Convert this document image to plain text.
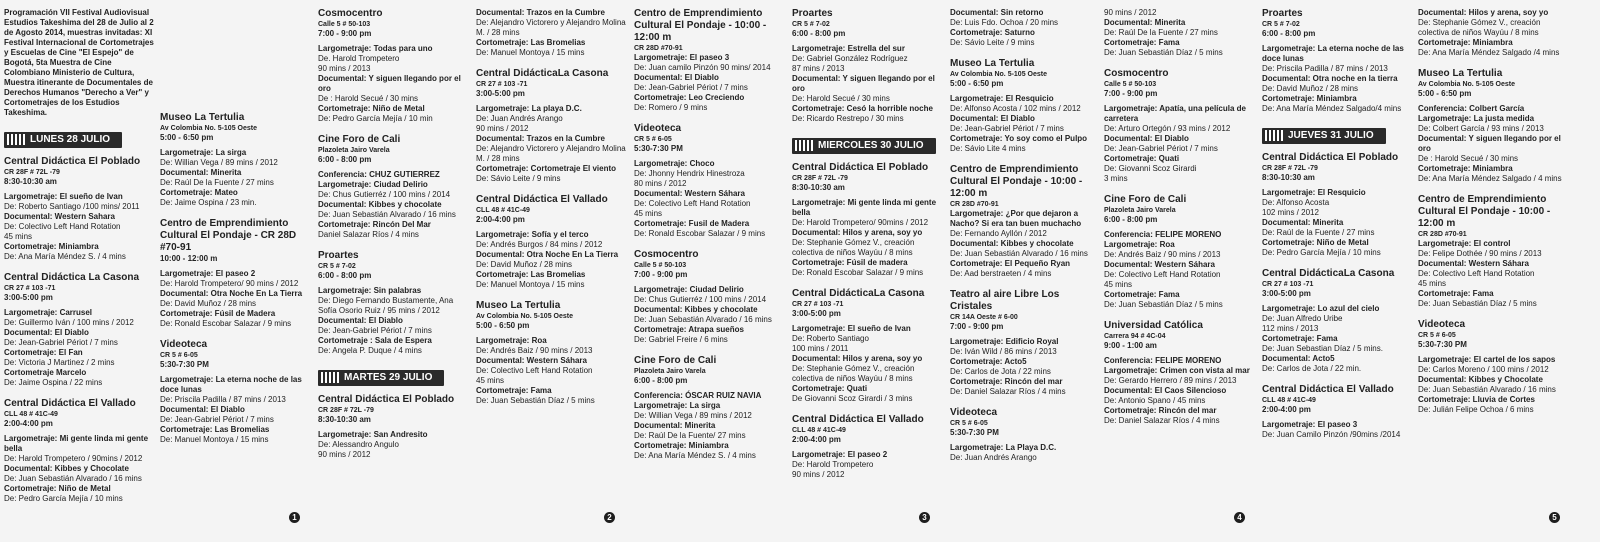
Programación VII Festival Audiovisual Estudios Takeshima del 28 de Julio al 2 de Agosto 2014, muestras invitadas: XI Festival Internacional de Cortometrajes y Escuelas de Cine "El Espejo" de Bogotá, 5ta Muestra de Cine Colombiano Ministerio de Cultura, Muestra itinerante de Documentales de Derechos Humanos "Derecho a Ver" y Cortometrajes de los Estudios Takeshima.
LUNES 28 JULIO

Central Didáctica El Poblado
CR 28F # 72L -79
8:30-10:30 am
Largometraje: El sueño de Ivan
De: Roberto Santiago /100 mins/ 2011
Documental: Western Sahara
De: Colectivo Left Hand Rotation
45 mins
Cortometraje: Miniambra
De: Ana María Méndez S. / 4 mins
Central Didáctica La Casona
CR 27 # 103 -71
3:00-5:00 pm
Largometraje: Carrusel
De: Guillermo Iván / 100 mins / 2012
Documental: El Diablo
De: Jean-Gabriel Périot / 7 mins
Cortometraje: El Fan
De: Victoria J Martinez / 2 mins
Cortometraje Marcelo
De: Jaime Ospina / 22 mins
Central Didáctica El Vallado
CLL 48 # 41C-49
2:00-4:00 pm
Largometraje: Mi gente linda mi gente bella
De: Harold Trompetero / 90mins / 2012
Documental: Kibbes y Chocolate
De: Juan Sebastián Alvarado / 16 mins
Cortometraje: Niño de Metal
De: Pedro García Mejía / 10 mins
Museo La Tertulia
Av Colombia No. 5-105 Oeste
5:00 - 6:50 pm
Largometraje: La sirga
De: Willian Vega / 89 mins / 2012
Documental: Minerita
De: Raúl De la Fuente / 27 mins
Cortometraje: Mateo
De: Jaime Ospina / 23 min.
Centro de Emprendimiento Cultural El Pondaje - CR 28D #70-91
10:00 - 12:00 m
Largometraje: El paseo 2
De: Harold Trompetero/ 90 mins / 2012
Documental: Otra Noche En La Tierra
De: David Muñoz / 28 mins
Cortometraje: Fúsil de Madera
De: Ronald Escobar Salazar / 9 mins
Videoteca
CR 5 # 6-05
5:30-7:30 PM
Largometraje: La eterna noche de las doce lunas
De: Priscila Padilla / 87 mins / 2013
Documental: El Diablo
De: Jean-Gabriel Périot / 7 mins
Cortometraje: Las Bromelias
De: Manuel Montoya / 15 mins
Cosmocentro
Calle 5 # 50-103
7:00 - 9:00 pm
Largometraje: Todas para uno
De. Harold Trompetero
90 mins / 2013
Documental: Y siguen llegando por el oro
De : Harold Secué / 30 mins
Cortometraje: Niño de Metal
De: Pedro García Mejía / 10 min
Cine Foro de Cali
Plazoleta Jairo Varela
6:00 - 8:00 pm
Conferencia: CHUZ GUTIERREZ
Largometraje: Ciudad Delirio
De: Chus Gutierréz / 100 mins / 2014
Documental: Kibbes y chocolate
De: Juan Sebastián Alvarado / 16 mins
Cortometraje: Rincón Del Mar
Daniel Salazar Ríos / 4 mins
Proartes
CR 5 # 7-02
6:00 - 8:00 pm
Largometraje: Sin palabras
De: Diego Fernando Bustamente, Ana Sofía Osorio Ruiz / 95 mins / 2012
Documental: El Diablo
De: Jean-Gabriel Périot / 7 mins
Cortometraje : Sala de Espera
De: Angela P. Duque / 4 mins
MARTES 29 JULIO

Central Didáctica El Poblado
CR 28F # 72L -79
8:30-10:30 am
Largometraje: San Andresito
De: Alessandro Angulo
90 mins / 2012
Documental: Trazos en la Cumbre
De: Alejandro Victorero y Alejandro Molina M. / 28 mins
Cortometraje: Las Bromelias
De: Manuel Montoya / 15 mins
Central DidácticaLa Casona
CR 27 # 103 -71
3:00-5:00 pm
Largometraje: La playa D.C.
De: Juan Andrés Arango
90 mins / 2012
Documental: Trazos en la Cumbre
De: Alejandro Victorero y Alejandro Molina M. / 28 mins
Cortometraje: Cortometraje El viento
De: Sávio Leite / 9 mins
Central Didáctica El Vallado
CLL 48 # 41C-49
2:00-4:00 pm
Largometraje: Sofía y el terco
De: Andrés Burgos / 84 mins / 2012
Documental: Otra Noche En La Tierra
De: David Muñoz / 28 mins
Cortometraje: Las Bromelias
De: Manuel Montoya / 15 mins
Museo La Tertulia
Av Colombia No. 5-105 Oeste
5:00 - 6:50 pm
Largometraje: Roa
De: Andrés Baiz / 90 mins / 2013
Documental: Western Sáhara
De: Colectivo Left Hand Rotation
45 mins
Cortometraje: Fama
De: Juan Sebastián Díaz / 5 mins
Centro de Emprendimiento Cultural El Pondaje - 10:00 - 12:00 m
CR 28D #70-91
Largometraje: El paseo 3
De: Juan camilo Pinzón 90 mins/ 2014
Documental: El Diablo
De: Jean-Gabriel Périot / 7 mins
Cortometraje: Leo Creciendo
De: Romero / 9 mins
Videoteca
CR 5 # 6-05
5:30-7:30 PM
Largometraje: Choco
De: Jhonny Hendrix Hinestroza
80 mins / 2012
Documental: Western Sáhara
De: Colectivo Left Hand Rotation
45 mins
Cortometraje: Fusil de Madera
De: Ronald Escobar Salazar / 9 mins
Cosmocentro
Calle 5 # 50-103
7:00 - 9:00 pm
Largometraje: Ciudad Delirio
De: Chus Gutierréz / 100 mins / 2014
Documental: Kibbes y chocolate
De: Juan Sebastián Alvarado / 16 mins
Cortometraje: Atrapa sueños
De: Gabriel Freire / 6 mins
Cine Foro de Cali
Plazoleta Jairo Varela
6:00 - 8:00 pm
Conferencia: ÓSCAR RUIZ NAVIA
Largometraje: La sirga
De: Willian Vega / 89 mins / 2012
Documental: Minerita
De: Raúl De la Fuente/ 27 mins
Cortometraje: Miniambra
De: Ana María Méndez S. / 4 mins
Proartes
CR 5 # 7-02
6:00 - 8:00 pm
Largometraje: Estrella del sur
De: Gabriel González Rodríguez
87 mins / 2013
Documental: Y siguen llegando por el oro
De: Harold Secué / 30 mins
Cortometraje: Cesó la horrible noche
De: Ricardo Restrepo / 30 mins
MIERCOLES 30 JULIO

Central Didáctica El Poblado
CR 28F # 72L -79
8:30-10:30 am
Largometraje: Mi gente linda mi gente bella
De: Harold Trompetero/ 90mins / 2012
Documental: Hilos y arena, soy yo
De: Stephanie Gómez V., creación colectiva de niños Wayúu / 8 mins
Cortometraje: Fúsil de madera
De: Ronald Escobar Salazar / 9 mins
Central DidácticaLa Casona
CR 27 # 103 -71
3:00-5:00 pm
Largometraje: El sueño de Ivan
De: Roberto Santiago
100 mins / 2011
Documental: Hilos y arena, soy yo
De: Stephanie Gómez V., creación colectiva de niños Wayúu / 8 mins
Cortometraje: Quati
De Giovanni Scoz Girardi / 3 mins
Central Didáctica El Vallado
CLL 48 # 41C-49
2:00-4:00 pm
Largometraje: El paseo 2
De: Harold Trompetero
90 mins / 2012
Documental: Sin retorno
De: Luis Fdo. Ochoa / 20 mins
Cortometraje: Saturno
De: Sávio Leite / 9 mins
Museo La Tertulia
Av Colombia No. 5-105 Oeste
5:00 - 6:50 pm
Largometraje: El Resquicio
De: Alfonso Acosta / 102 mins / 2012
Documental: El Diablo
De: Jean-Gabriel Périot / 7 mins
Cortometraje: Yo soy como el Pulpo
De: Sávio Lite 4 mins
Centro de Emprendimiento Cultural El Pondaje - 10:00 - 12:00 m
CR 28D #70-91
Largometraje: ¿Por que dejaron a Nacho? Si era tan buen muchacho
De: Fernando Ayllón / 2012
Documental: Kibbes y chocolate
De: Juan Sebastián Alvarado / 16 mins
Cortometraje: El Pequeño Ryan
De: Aad berstraeten / 4 mins
Teatro al aire Libre Los Cristales
CR 14A Oeste # 6-00
7:00 - 9:00 pm
Largometraje: Edificio Royal
De: Iván Wild / 86 mins / 2013
Cortometraje: Acto5
De: Carlos de Jota / 22 mins
Cortometraje: Rincón del mar
De: Daniel Salazar Ríos / 4 mins
Videoteca
CR 5 # 6-05
5:30-7:30 PM
Largometraje: La Playa D.C.
De: Juan Andrés Arango
90 mins / 2012
Documental: Minerita
De: Raúl De la Fuente / 27 mins
Cortometraje: Fama
De: Juan Sebastián Díaz / 5 mins
Cosmocentro
Calle 5 # 50-103
7:00 - 9:00 pm
Largometraje: Apatía, una película de carretera
De: Arturo Ortegón / 93 mins / 2012
Documental: El Diablo
De: Jean-Gabriel Périot / 7 mins
Cortometraje: Quati
De: Giovanni Scoz Girardi
3 mins
Cine Foro de Cali
Plazoleta Jairo Varela
6:00 - 8:00 pm
Conferencia: FELIPE MORENO
Largometraje: Roa
De: Andrés Baiz / 90 mins / 2013
Documental: Western Sáhara
De: Colectivo Left Hand Rotation
45 mins
Cortometraje: Fama
De: Juan Sebastián Díaz / 5 mins
Universidad Católica
Carrera 94 # 4C-04
9:00 - 1:00 am
Conferencia: FELIPE MORENO
Largometraje: Crimen con vista al mar
De: Gerardo Herrero / 89 mins / 2013
Documental: El Caos Silencioso
De: Antonio Spano / 45 mins
Cortometraje: Rincón del mar
De: Daniel Salazar Ríos / 4 mins
Proartes
CR 5 # 7-02
6:00 - 8:00 pm
Largometraje: La eterna noche de las doce lunas
De: Priscila Padilla / 87 mins / 2013
Documental: Otra noche en la tierra
De: David Muñoz / 28 mins
Cortometraje: Miniambra
De: Ana María Méndez Salgado/4 mins
JUEVES 31 JULIO

Central Didáctica El Poblado
CR 28F # 72L -79
8:30-10:30 am
Largometraje: El Resquicio
De: Alfonso Acosta
102 mins / 2012
Documental: Minerita
De: Raúl de la Fuente / 27 mins
Cortometraje: Niño de Metal
De: Pedro García Mejía / 10 mins
Central DidácticaLa Casona
CR 27 # 103 -71
3:00-5:00 pm
Largometraje: Lo azul del cielo
De: Juan Alfredo Uribe
112 mins / 2013
Cortometraje: Fama
De: Juan Sebastian Díaz / 5 mins.
Documental: Acto5
De: Carlos de Jota / 22 min.
Central Didáctica El Vallado
CLL 48 # 41C-49
2:00-4:00 pm
Largometraje: El paseo 3
De: Juan Camilo Pinzón /90mins /2014
Documental: Hilos y arena, soy yo
De: Stephanie Gómez V., creación colectiva de niños Wayúu / 8 mins
Cortometraje: Miniambra
De: Ana María Méndez Salgado /4 mins
Museo La Tertulia
Av Colombia No. 5-105 Oeste
5:00 - 6:50 pm
Conferencia: Colbert García
Largometraje: La justa medida
De: Colbert García / 93 mins / 2013
Documental: Y siguen llegando por el oro
De : Harold Secué / 30 mins
Cortometraje: Miniambra
De: Ana María Méndez Salgado / 4 mins
Centro de Emprendimiento Cultural El Pondaje - 10:00 - 12:00 m
CR 28D #70-91
Largometraje: El control
De: Felipe Dothée / 90 mins / 2013
Documental: Western Sáhara
De: Colectivo Left Hand Rotation
45 mins
Cortometraje: Fama
De: Juan Sebastián Díaz / 5 mins
Videoteca
CR 5 # 6-05
5:30-7:30 PM
Largometraje: El cartel de los sapos
De: Carlos Moreno / 100 mins / 2012
Documental: Kibbes y Chocolate
De: Juan Sebastián Alvarado / 16 mins
Cortometraje: Lluvia de Cortes
De: Julián Felipe Ochoa / 6 mins
1	2	3	4	5
